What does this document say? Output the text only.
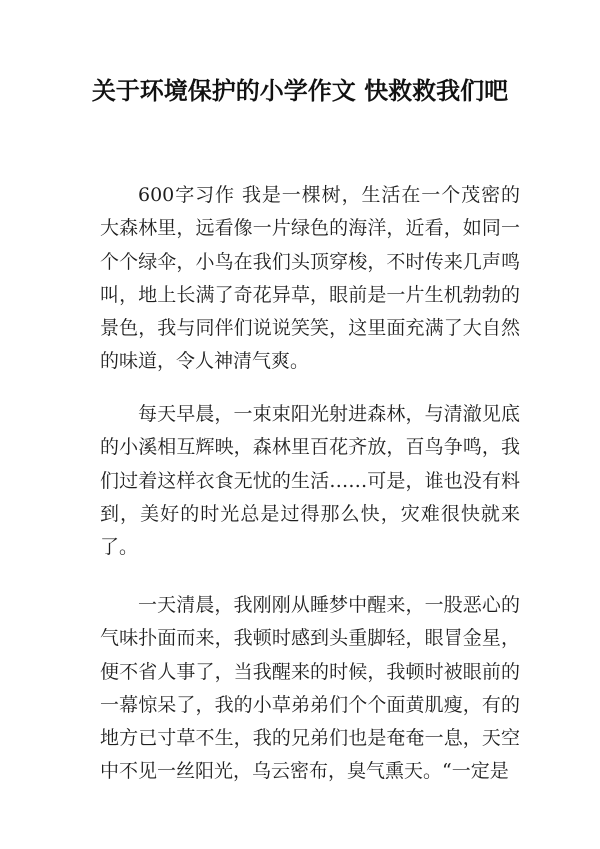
关于环境保护的小学作文 快救救我们吧

600字习作 我是一棵树，生活在一个茂密的大森林里，远看像一片绿色的海洋，近看，如同一个个绿伞，小鸟在我们头顶穿梭，不时传来几声鸣叫，地上长满了奇花异草，眼前是一片生机勃勃的景色，我与同伴们说说笑笑，这里面充满了大自然的味道，令人神清气爽。

每天早晨，一束束阳光射进森林，与清澈见底的小溪相互辉映，森林里百花齐放，百鸟争鸣，我们过着这样衣食无忧的生活……可是，谁也没有料到，美好的时光总是过得那么快，灾难很快就来了。

一天清晨，我刚刚从睡梦中醒来，一股恶心的气味扑面而来，我顿时感到头重脚轻，眼冒金星，便不省人事了，当我醒来的时候，我顿时被眼前的一幕惊呆了，我的小草弟弟们个个面黄肌瘦，有的地方已寸草不生，我的兄弟们也是奄奄一息，天空中不见一丝阳光，乌云密布，臭气熏天。“一定是
